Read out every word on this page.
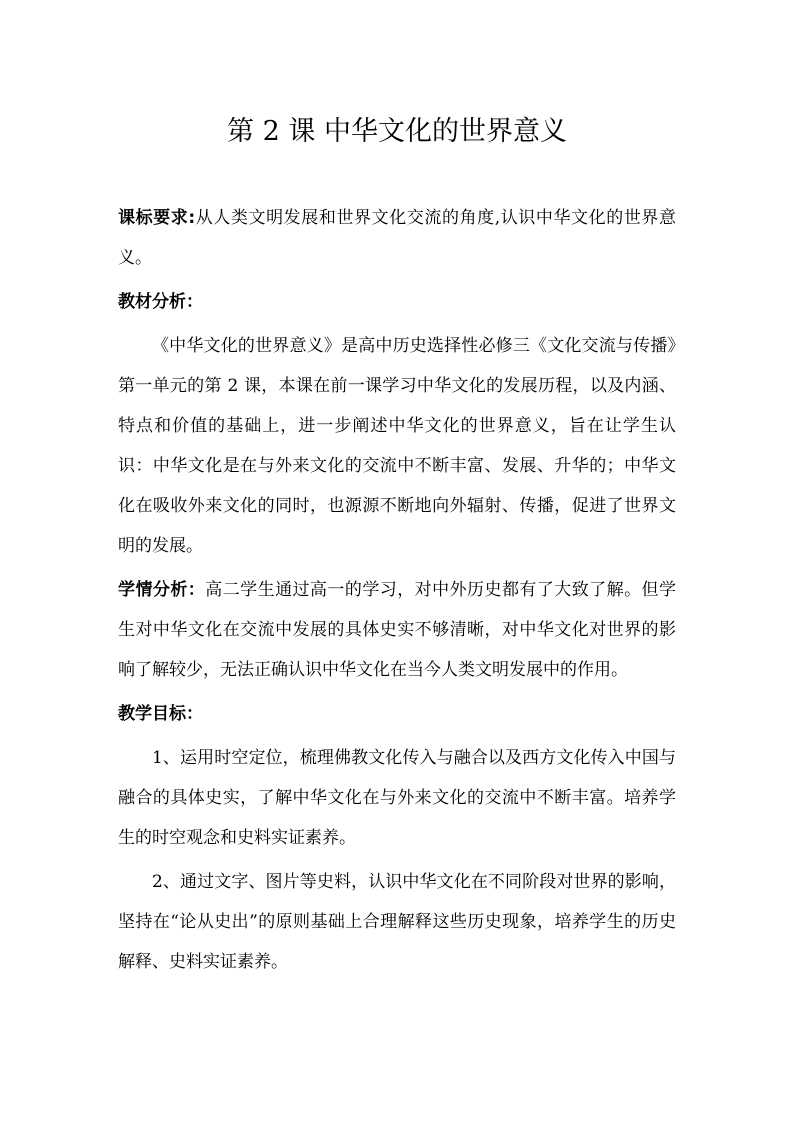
第 2 课 中华文化的世界意义

课标要求:从人类文明发展和世界文化交流的角度,认识中华文化的世界意义。

教材分析：

《中华文化的世界意义》是高中历史选择性必修三《文化交流与传播》第一单元的第 2 课，本课在前一课学习中华文化的发展历程，以及内涵、特点和价值的基础上，进一步阐述中华文化的世界意义，旨在让学生认识：中华文化是在与外来文化的交流中不断丰富、发展、升华的；中华文化在吸收外来文化的同时，也源源不断地向外辐射、传播，促进了世界文明的发展。

学情分析：高二学生通过高一的学习，对中外历史都有了大致了解。但学生对中华文化在交流中发展的具体史实不够清晰，对中华文化对世界的影响了解较少，无法正确认识中华文化在当今人类文明发展中的作用。

教学目标：

1、运用时空定位，梳理佛教文化传入与融合以及西方文化传入中国与融合的具体史实，了解中华文化在与外来文化的交流中不断丰富。培养学生的时空观念和史料实证素养。

2、通过文字、图片等史料，认识中华文化在不同阶段对世界的影响，坚持在“论从史出”的原则基础上合理解释这些历史现象，培养学生的历史解释、史料实证素养。
